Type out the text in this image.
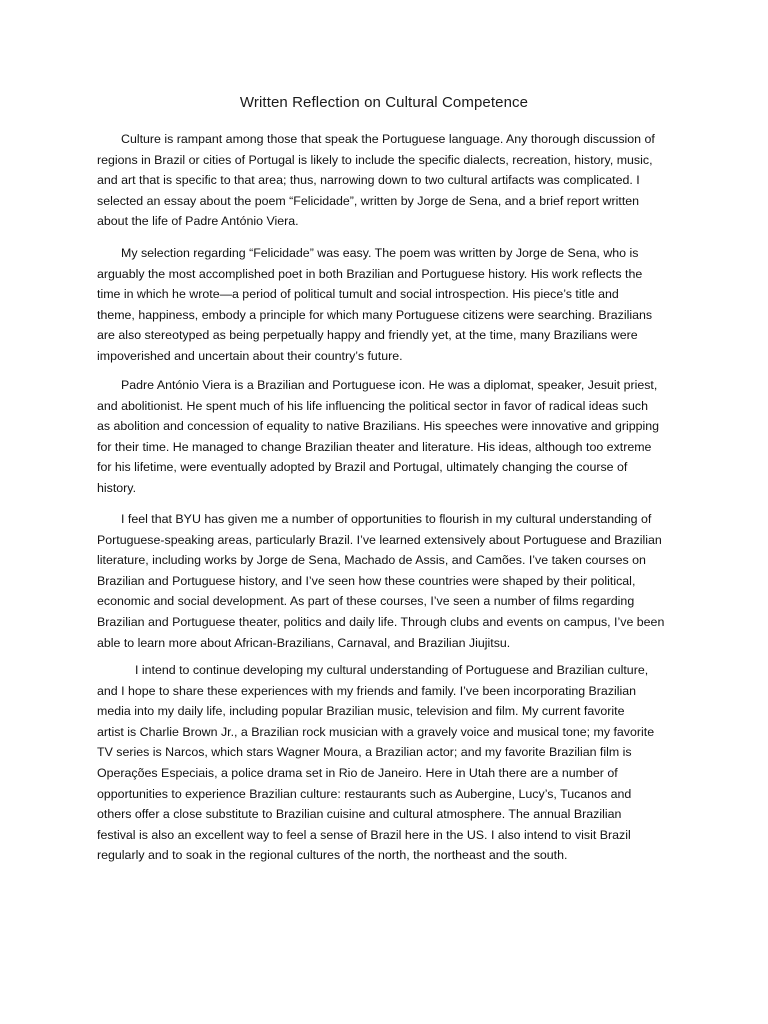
Written Reflection on Cultural Competence
Culture is rampant among those that speak the Portuguese language. Any thorough discussion of
regions in Brazil or cities of Portugal is likely to include the specific dialects, recreation, history, music,
and art that is specific to that area; thus, narrowing down to two cultural artifacts was complicated. I
selected an essay about the poem “Felicidade”, written by Jorge de Sena, and a brief report written
about the life of Padre António Viera.
My selection regarding “Felicidade” was easy. The poem was written by Jorge de Sena, who is
arguably the most accomplished poet in both Brazilian and Portuguese history. His work reflects the
time in which he wrote—a period of political tumult and social introspection. His piece’s title and
theme, happiness, embody a principle for which many Portuguese citizens were searching. Brazilians
are also stereotyped as being perpetually happy and friendly yet, at the time, many Brazilians were
impoverished and uncertain about their country’s future.
Padre António Viera is a Brazilian and Portuguese icon. He was a diplomat, speaker, Jesuit priest,
and abolitionist. He spent much of his life influencing the political sector in favor of radical ideas such
as abolition and concession of equality to native Brazilians. His speeches were innovative and gripping
for their time. He managed to change Brazilian theater and literature. His ideas, although too extreme
for his lifetime, were eventually adopted by Brazil and Portugal, ultimately changing the course of
history.
I feel that BYU has given me a number of opportunities to flourish in my cultural understanding of
Portuguese-speaking areas, particularly Brazil. I’ve learned extensively about Portuguese and Brazilian
literature, including works by Jorge de Sena, Machado de Assis, and Camões. I’ve taken courses on
Brazilian and Portuguese history, and I’ve seen how these countries were shaped by their political,
economic and social development. As part of these courses, I’ve seen a number of films regarding
Brazilian and Portuguese theater, politics and daily life. Through clubs and events on campus, I’ve been
able to learn more about African-Brazilians, Carnaval, and Brazilian Jiujitsu.
I intend to continue developing my cultural understanding of Portuguese and Brazilian culture,
and I hope to share these experiences with my friends and family. I’ve been incorporating Brazilian
media into my daily life, including popular Brazilian music, television and film. My current favorite
artist is Charlie Brown Jr., a Brazilian rock musician with a gravely voice and musical tone; my favorite
TV series is Narcos, which stars Wagner Moura, a Brazilian actor; and my favorite Brazilian film is
Operações Especiais, a police drama set in Rio de Janeiro. Here in Utah there are a number of
opportunities to experience Brazilian culture: restaurants such as Aubergine, Lucy’s, Tucanos and
others offer a close substitute to Brazilian cuisine and cultural atmosphere. The annual Brazilian
festival is also an excellent way to feel a sense of Brazil here in the US. I also intend to visit Brazil
regularly and to soak in the regional cultures of the north, the northeast and the south.
